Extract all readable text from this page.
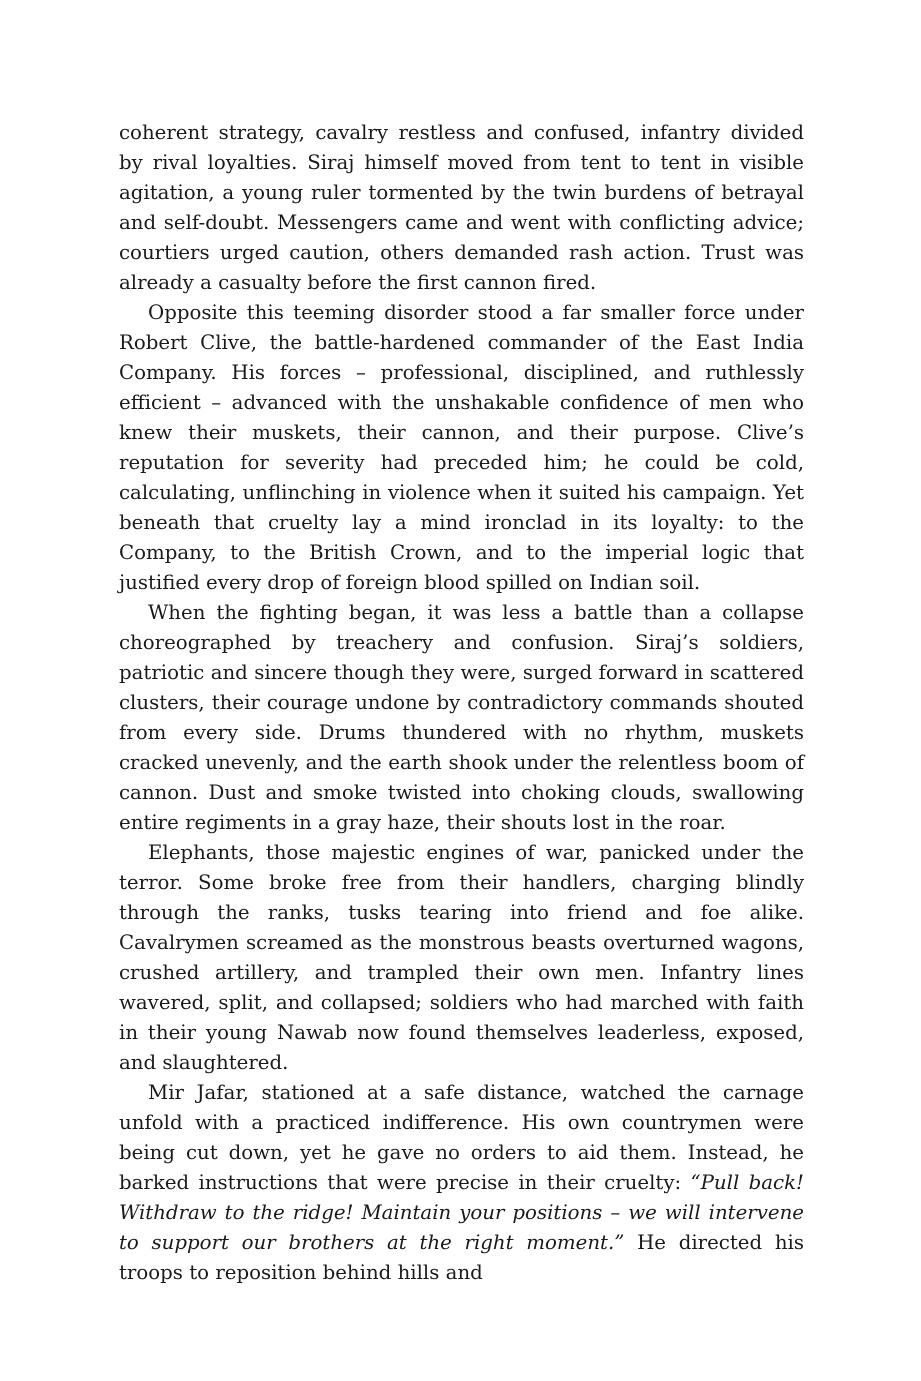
coherent strategy, cavalry restless and confused, infantry divided by rival loyalties. Siraj himself moved from tent to tent in visible agitation, a young ruler tormented by the twin burdens of betrayal and self-doubt. Messengers came and went with conflicting advice; courtiers urged caution, others demanded rash action. Trust was already a casualty before the first cannon fired.

Opposite this teeming disorder stood a far smaller force under Robert Clive, the battle-hardened commander of the East India Company. His forces – professional, disciplined, and ruthlessly efficient – advanced with the unshakable confidence of men who knew their muskets, their cannon, and their purpose. Clive’s reputation for severity had preceded him; he could be cold, calculating, unflinching in violence when it suited his campaign. Yet beneath that cruelty lay a mind ironclad in its loyalty: to the Company, to the British Crown, and to the imperial logic that justified every drop of foreign blood spilled on Indian soil.

When the fighting began, it was less a battle than a collapse choreographed by treachery and confusion. Siraj’s soldiers, patriotic and sincere though they were, surged forward in scattered clusters, their courage undone by contradictory commands shouted from every side. Drums thundered with no rhythm, muskets cracked unevenly, and the earth shook under the relentless boom of cannon. Dust and smoke twisted into choking clouds, swallowing entire regiments in a gray haze, their shouts lost in the roar.

Elephants, those majestic engines of war, panicked under the terror. Some broke free from their handlers, charging blindly through the ranks, tusks tearing into friend and foe alike. Cavalrymen screamed as the monstrous beasts overturned wagons, crushed artillery, and trampled their own men. Infantry lines wavered, split, and collapsed; soldiers who had marched with faith in their young Nawab now found themselves leaderless, exposed, and slaughtered.

Mir Jafar, stationed at a safe distance, watched the carnage unfold with a practiced indifference. His own countrymen were being cut down, yet he gave no orders to aid them. Instead, he barked instructions that were precise in their cruelty: “Pull back! Withdraw to the ridge! Maintain your positions – we will intervene to support our brothers at the right moment.” He directed his troops to reposition behind hills and
